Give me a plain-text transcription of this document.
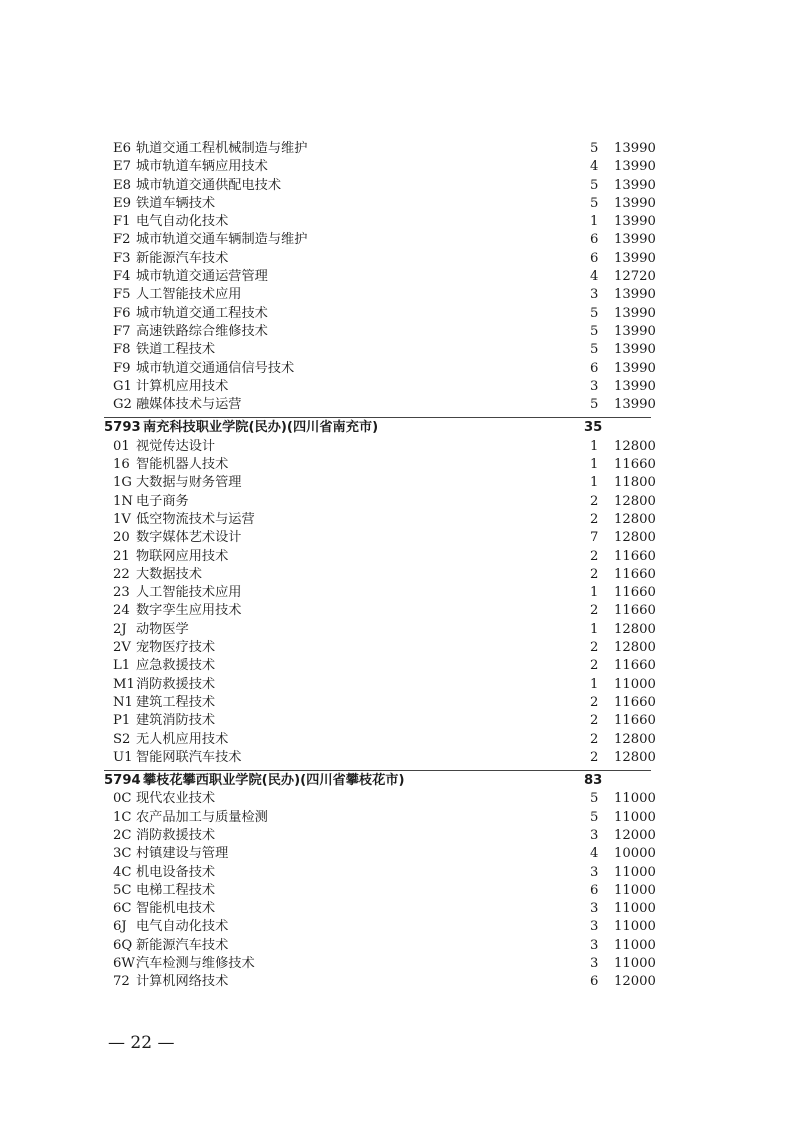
E6 轨道交通工程机械制造与维护	5 13990
E7 城市轨道车辆应用技术	4 13990
E8 城市轨道交通供配电技术	5 13990
E9 铁道车辆技术	5 13990
F1 电气自动化技术	1 13990
F2 城市轨道交通车辆制造与维护	6 13990
F3 新能源汽车技术	6 13990
F4 城市轨道交通运营管理	4 12720
F5 人工智能技术应用	3 13990
F6 城市轨道交通工程技术	5 13990
F7 高速铁路综合维修技术	5 13990
F8 铁道工程技术	5 13990
F9 城市轨道交通通信信号技术	6 13990
G1 计算机应用技术	3 13990
G2 融媒体技术与运营	5 13990
5793 南充科技职业学院(民办)(四川省南充市)	35
01 视觉传达设计	1 12800
16 智能机器人技术	1 11660
1G 大数据与财务管理	1 11800
1N 电子商务	2 12800
1V 低空物流技术与运营	2 12800
20 数字媒体艺术设计	7 12800
21 物联网应用技术	2 11660
22 大数据技术	2 11660
23 人工智能技术应用	1 11660
24 数字孪生应用技术	2 11660
2J 动物医学	1 12800
2V 宠物医疗技术	2 12800
L1 应急救援技术	2 11660
M1 消防救援技术	1 11000
N1 建筑工程技术	2 11660
P1 建筑消防技术	2 11660
S2 无人机应用技术	2 12800
U1 智能网联汽车技术	2 12800
5794 攀枝花攀西职业学院(民办)(四川省攀枝花市)	83
0C 现代农业技术	5 11000
1C 农产品加工与质量检测	5 11000
2C 消防救援技术	3 12000
3C 村镇建设与管理	4 10000
4C 机电设备技术	3 11000
5C 电梯工程技术	6 11000
6C 智能机电技术	3 11000
6J 电气自动化技术	3 11000
6Q 新能源汽车技术	3 11000
6W 汽车检测与维修技术	3 11000
72 计算机网络技术	6 12000
— 22 —
